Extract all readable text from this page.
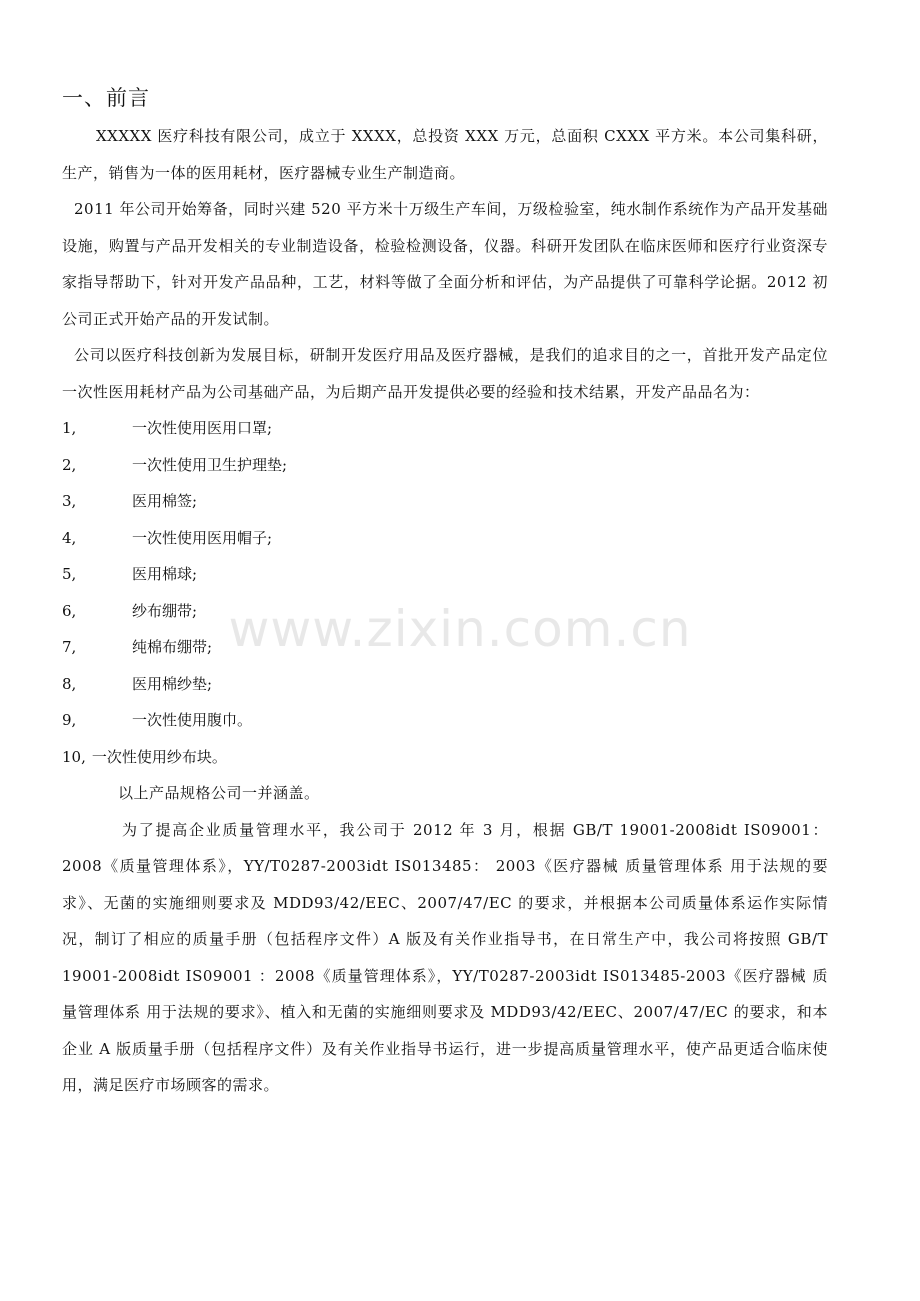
一、前言

XXXXX 医疗科技有限公司，成立于 XXXX，总投资 XXX 万元，总面积 CXXX 平方米。本公司集科研，生产，销售为一体的医用耗材，医疗器械专业生产制造商。

2011 年公司开始筹备，同时兴建 520 平方米十万级生产车间，万级检验室，纯水制作系统作为产品开发基础设施，购置与产品开发相关的专业制造设备，检验检测设备，仪器。科研开发团队在临床医师和医疗行业资深专家指导帮助下，针对开发产品品种，工艺，材料等做了全面分析和评估，为产品提供了可靠科学论据。2012 初公司正式开始产品的开发试制。

公司以医疗科技创新为发展目标，研制开发医疗用品及医疗器械，是我们的追求目的之一，首批开发产品定位一次性医用耗材产品为公司基础产品，为后期产品开发提供必要的经验和技术结累，开发产品品名为：

1,	一次性使用医用口罩;
2,	一次性使用卫生护理垫;
3,	医用棉签;
4,	一次性使用医用帽子;
5,	医用棉球;
6,	纱布绷带;
7,	纯棉布绷带;
8,	医用棉纱垫;
9,	一次性使用腹巾。
10, 一次性使用纱布块。

以上产品规格公司一并涵盖。

为了提高企业质量管理水平，我公司于 2012 年 3 月，根据 GB/T 19001-2008idt IS09001：2008《质量管理体系》，YY/T0287-2003idt IS013485： 2003《医疗器械 质量管理体系 用于法规的要求》、无菌的实施细则要求及 MDD93/42/EEC、2007/47/EC 的要求，并根据本公司质量体系运作实际情况，制订了相应的质量手册（包括程序文件）A 版及有关作业指导书，在日常生产中，我公司将按照 GB/T 19001-2008idt IS09001 ：2008《质量管理体系》，YY/T0287-2003idt IS013485-2003《医疗器械 质量管理体系 用于法规的要求》、植入和无菌的实施细则要求及 MDD93/42/EEC、2007/47/EC 的要求，和本企业 A 版质量手册（包括程序文件）及有关作业指导书运行，进一步提高质量管理水平，使产品更适合临床使用，满足医疗市场顾客的需求。

www.zixin.com.cn
